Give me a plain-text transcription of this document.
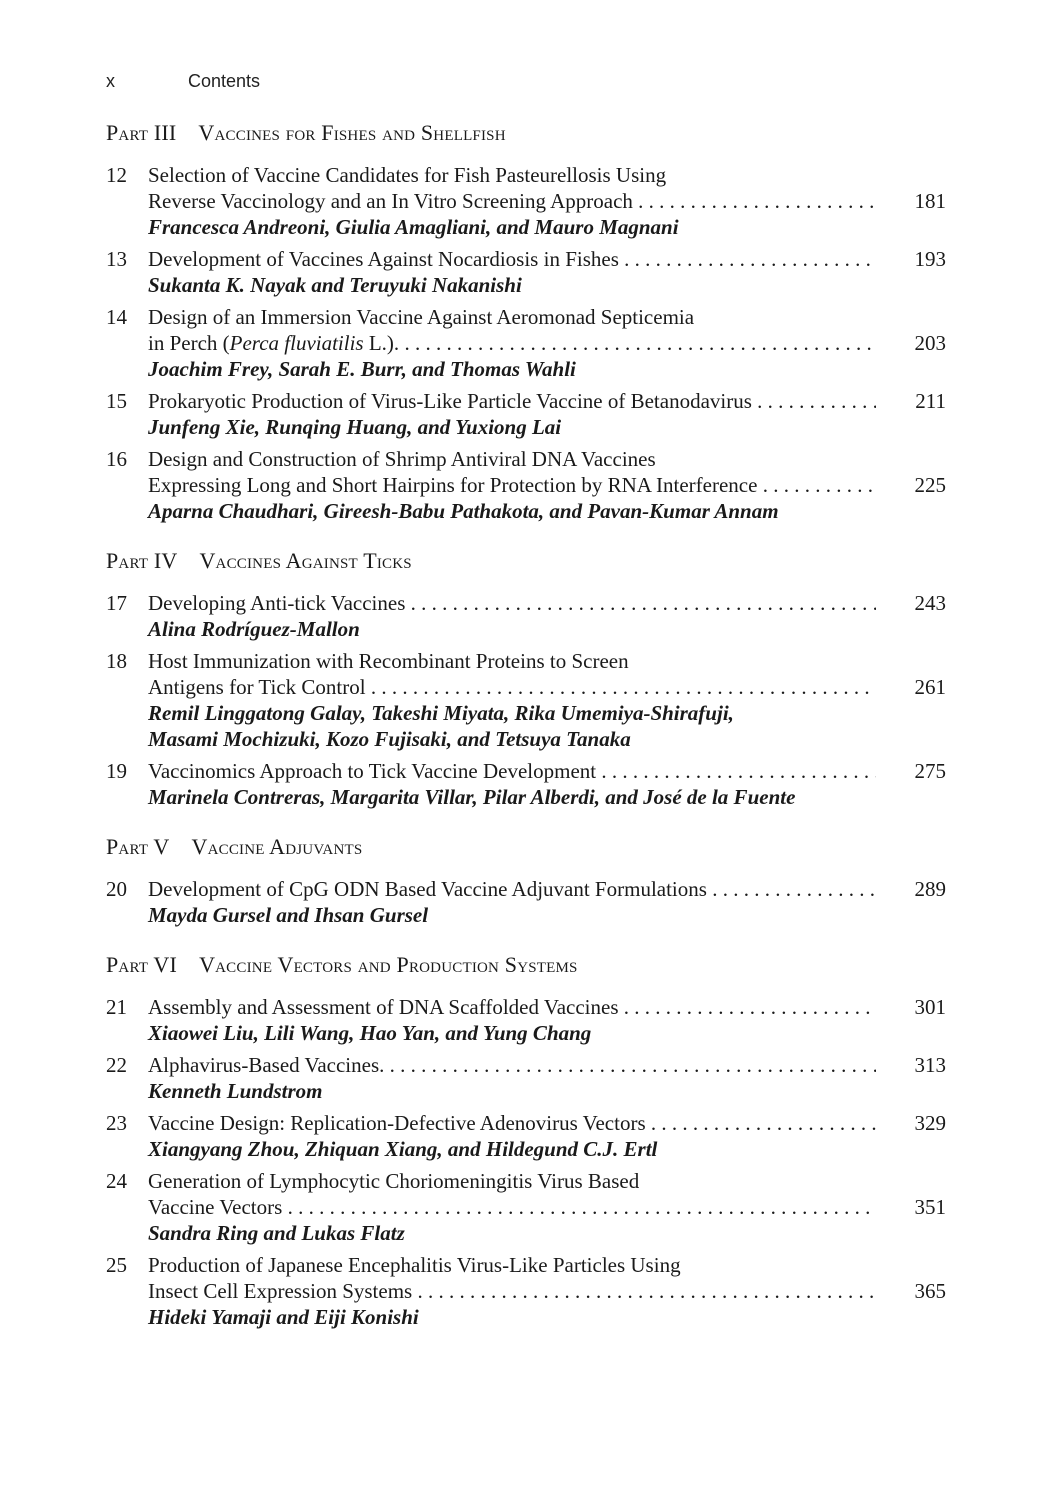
x	Contents
Part III Vaccines for Fishes and Shellfish
12	Selection of Vaccine Candidates for Fish Pasteurellosis Using
Reverse Vaccinology and an In Vitro Screening Approach . . .
Francesca Andreoni, Giulia Amagliani, and Mauro Magnani
181
13	Development of Vaccines Against Nocardiosis in Fishes . . .
Sukanta K. Nayak and Teruyuki Nakanishi
193
14	Design of an Immersion Vaccine Against Aeromonad Septicemia
in Perch (Perca fluviatilis L.). . . .
Joachim Frey, Sarah E. Burr, and Thomas Wahli
203
15	Prokaryotic Production of Virus-Like Particle Vaccine of Betanodavirus . . .
Junfeng Xie, Runqing Huang, and Yuxiong Lai
211
16	Design and Construction of Shrimp Antiviral DNA Vaccines
Expressing Long and Short Hairpins for Protection by RNA Interference . . .
Aparna Chaudhari, Gireesh-Babu Pathakota, and Pavan-Kumar Annam
225
Part IV Vaccines Against Ticks
17	Developing Anti-tick Vaccines . . .
Alina Rodríguez-Mallon
243
18	Host Immunization with Recombinant Proteins to Screen
Antigens for Tick Control . . .
Remil Linggatong Galay, Takeshi Miyata, Rika Umemiya-Shirafuji,
Masami Mochizuki, Kozo Fujisaki, and Tetsuya Tanaka
261
19	Vaccinomics Approach to Tick Vaccine Development . . .
Marinela Contreras, Margarita Villar, Pilar Alberdi, and José de la Fuente
275
Part V Vaccine Adjuvants
20	Development of CpG ODN Based Vaccine Adjuvant Formulations . . .
Mayda Gursel and Ihsan Gursel
289
Part VI Vaccine Vectors and Production Systems
21	Assembly and Assessment of DNA Scaffolded Vaccines . . .
Xiaowei Liu, Lili Wang, Hao Yan, and Yung Chang
301
22	Alphavirus-Based Vaccines. . . .
Kenneth Lundstrom
313
23	Vaccine Design: Replication-Defective Adenovirus Vectors . . .
Xiangyang Zhou, Zhiquan Xiang, and Hildegund C.J. Ertl
329
24	Generation of Lymphocytic Choriomeningitis Virus Based
Vaccine Vectors . . .
Sandra Ring and Lukas Flatz
351
25	Production of Japanese Encephalitis Virus-Like Particles Using
Insect Cell Expression Systems . . .
Hideki Yamaji and Eiji Konishi
365
